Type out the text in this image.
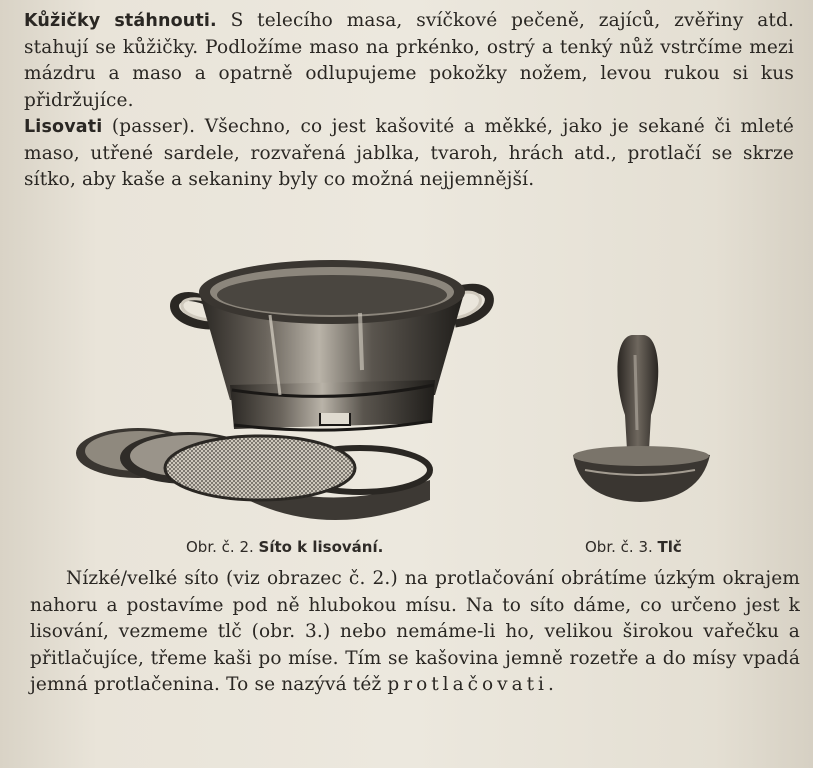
Kůžičky stáhnouti. S telecího masa, svíčkové pečeně, zajíců, zvěřiny atd. stahují se kůžičky. Podložíme maso na prkénko, ostrý a tenký nůž vstrčíme mezi mázdru a maso a opatrně odlupujeme pokožky nožem, levou rukou si kus přidržujíce.

Lisovati (passer). Všechno, co jest kašovité a měkké, jako je sekané či mleté maso, utřené sardele, rozvařená jablka, tvaroh, hrách atd., protlačí se skrze sítko, aby kaše a sekaniny byly co možná nejjemnější.

Obr. č. 2. Síto k lisování.	Obr. č. 3. Tlč

Nízké/velké síto (viz obrazec č. 2.) na protlačování obrátíme úzkým okrajem nahoru a postavíme pod ně hlubokou mísu. Na to síto dáme, co určeno jest k lisování, vezmeme tlč (obr. 3.) nebo nemáme-li ho, velikou širokou vařečku a přitlačujíce, třeme kaši po míse. Tím se kašovina jemně rozetře a do mísy vpadá jemná protlačenina. To se nazývá též protlačovati.
